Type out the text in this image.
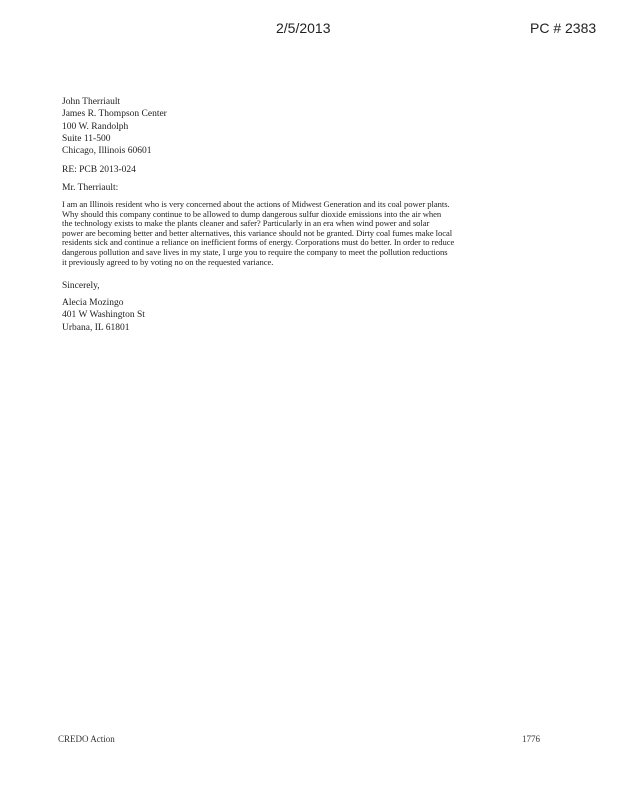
2/5/2013	PC # 2383
John Therriault
James R. Thompson Center
100 W. Randolph
Suite 11-500
Chicago, Illinois 60601
RE: PCB 2013-024
Mr. Therriault:
I am an Illinois resident who is very concerned about the actions of Midwest Generation and its coal power plants.
Why should this company continue to be allowed to dump dangerous sulfur dioxide emissions into the air when
the technology exists to make the plants cleaner and safer? Particularly in an era when wind power and solar
power are becoming better and better alternatives, this variance should not be granted. Dirty coal fumes make local
residents sick and continue a reliance on inefficient forms of energy. Corporations must do better. In order to reduce
dangerous pollution and save lives in my state, I urge you to require the company to meet the pollution reductions
it previously agreed to by voting no on the requested variance.
Sincerely,
Alecia Mozingo
401 W Washington St
Urbana, IL 61801
CREDO Action	1776
